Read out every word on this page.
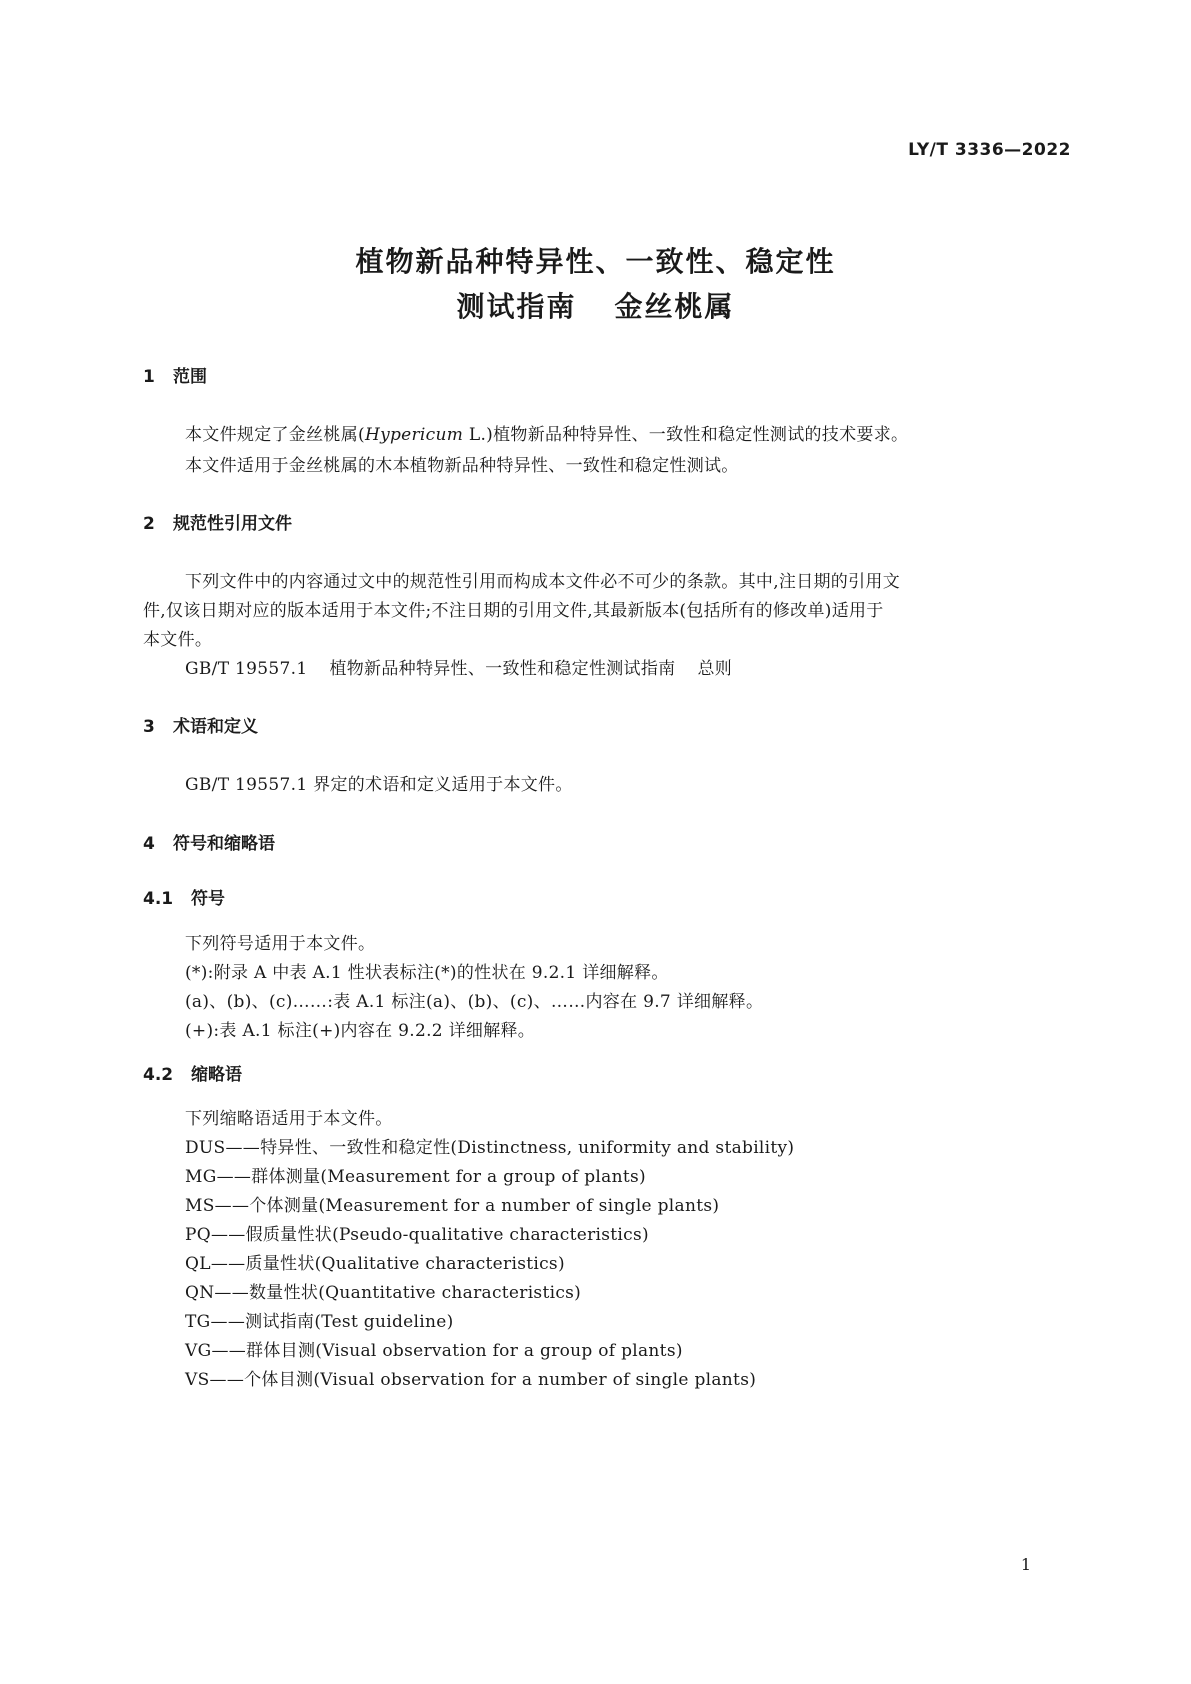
LY/T 3336—2022
植物新品种特异性、一致性、稳定性
测试指南 金丝桃属
1 范围
本文件规定了金丝桃属(Hypericum L.)植物新品种特异性、一致性和稳定性测试的技术要求。
本文件适用于金丝桃属的木本植物新品种特异性、一致性和稳定性测试。
2 规范性引用文件
下列文件中的内容通过文中的规范性引用而构成本文件必不可少的条款。其中,注日期的引用文
件,仅该日期对应的版本适用于本文件;不注日期的引用文件,其最新版本(包括所有的修改单)适用于
本文件。
GB/T 19557.1 植物新品种特异性、一致性和稳定性测试指南 总则
3 术语和定义
GB/T 19557.1 界定的术语和定义适用于本文件。
4 符号和缩略语
4.1 符号
下列符号适用于本文件。
(*):附录 A 中表 A.1 性状表标注(*)的性状在 9.2.1 详细解释。
(a)、(b)、(c)……:表 A.1 标注(a)、(b)、(c)、……内容在 9.7 详细解释。
(+):表 A.1 标注(+)内容在 9.2.2 详细解释。
4.2 缩略语
下列缩略语适用于本文件。
DUS——特异性、一致性和稳定性(Distinctness, uniformity and stability)
MG——群体测量(Measurement for a group of plants)
MS——个体测量(Measurement for a number of single plants)
PQ——假质量性状(Pseudo-qualitative characteristics)
QL——质量性状(Qualitative characteristics)
QN——数量性状(Quantitative characteristics)
TG——测试指南(Test guideline)
VG——群体目测(Visual observation for a group of plants)
VS——个体目测(Visual observation for a number of single plants)
1
